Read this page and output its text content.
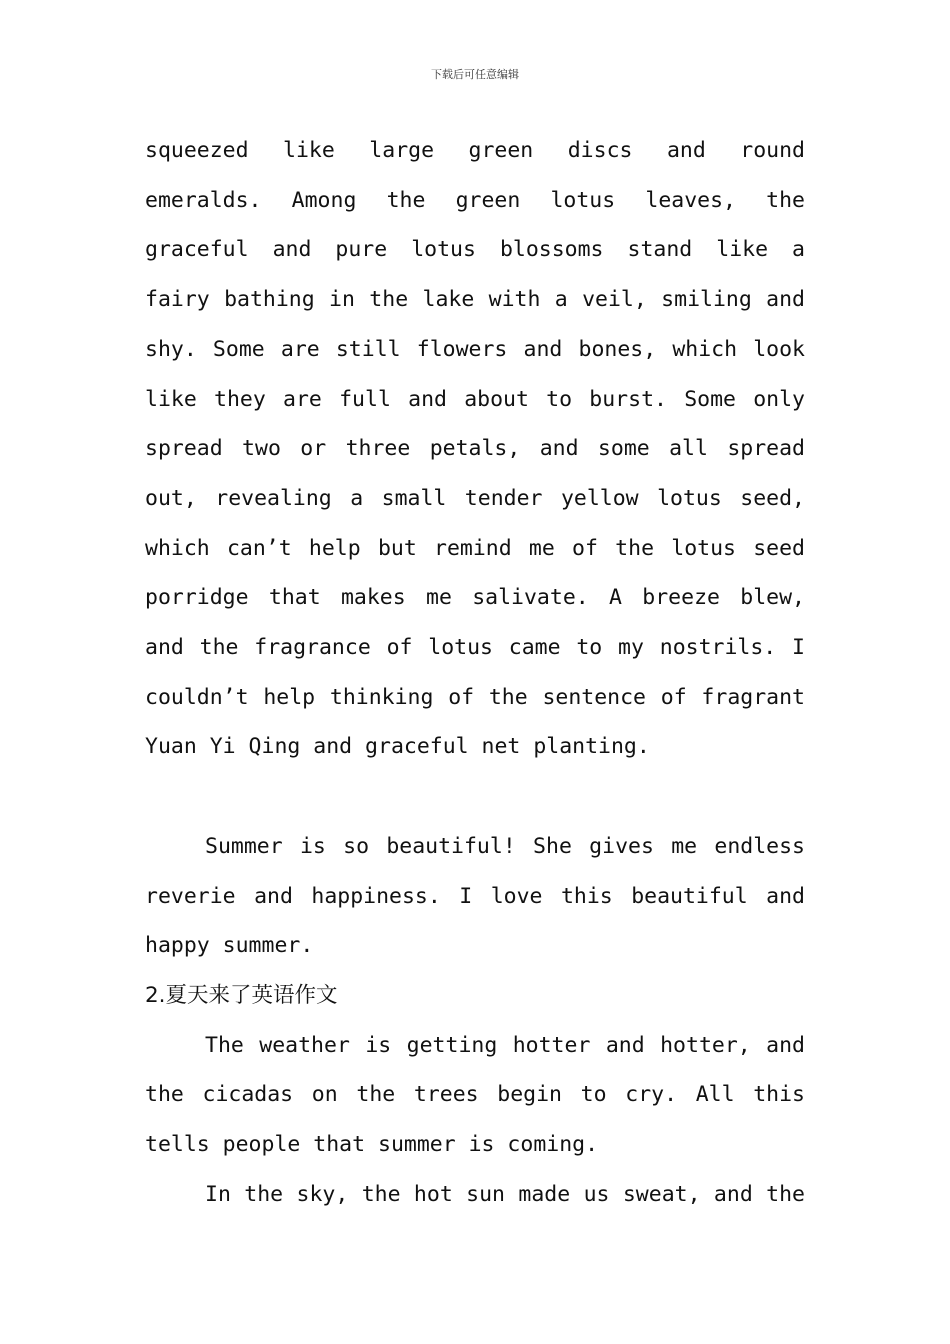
下载后可任意编辑

squeezed like large green discs and round emeralds. Among the green lotus leaves, the graceful and pure lotus blossoms stand like a fairy bathing in the lake with a veil, smiling and shy. Some are still flowers and bones, which look like they are full and about to burst. Some only spread two or three petals, and some all spread out, revealing a small tender yellow lotus seed, which can’t help but remind me of the lotus seed porridge that makes me salivate. A breeze blew, and the fragrance of lotus came to my nostrils. I couldn’t help thinking of the sentence of fragrant Yuan Yi Qing and graceful net planting.

Summer is so beautiful! She gives me endless reverie and happiness. I love this beautiful and happy summer.

2.夏天来了英语作文

The weather is getting hotter and hotter, and the cicadas on the trees begin to cry. All this tells people that summer is coming.

In the sky, the hot sun made us sweat, and the
